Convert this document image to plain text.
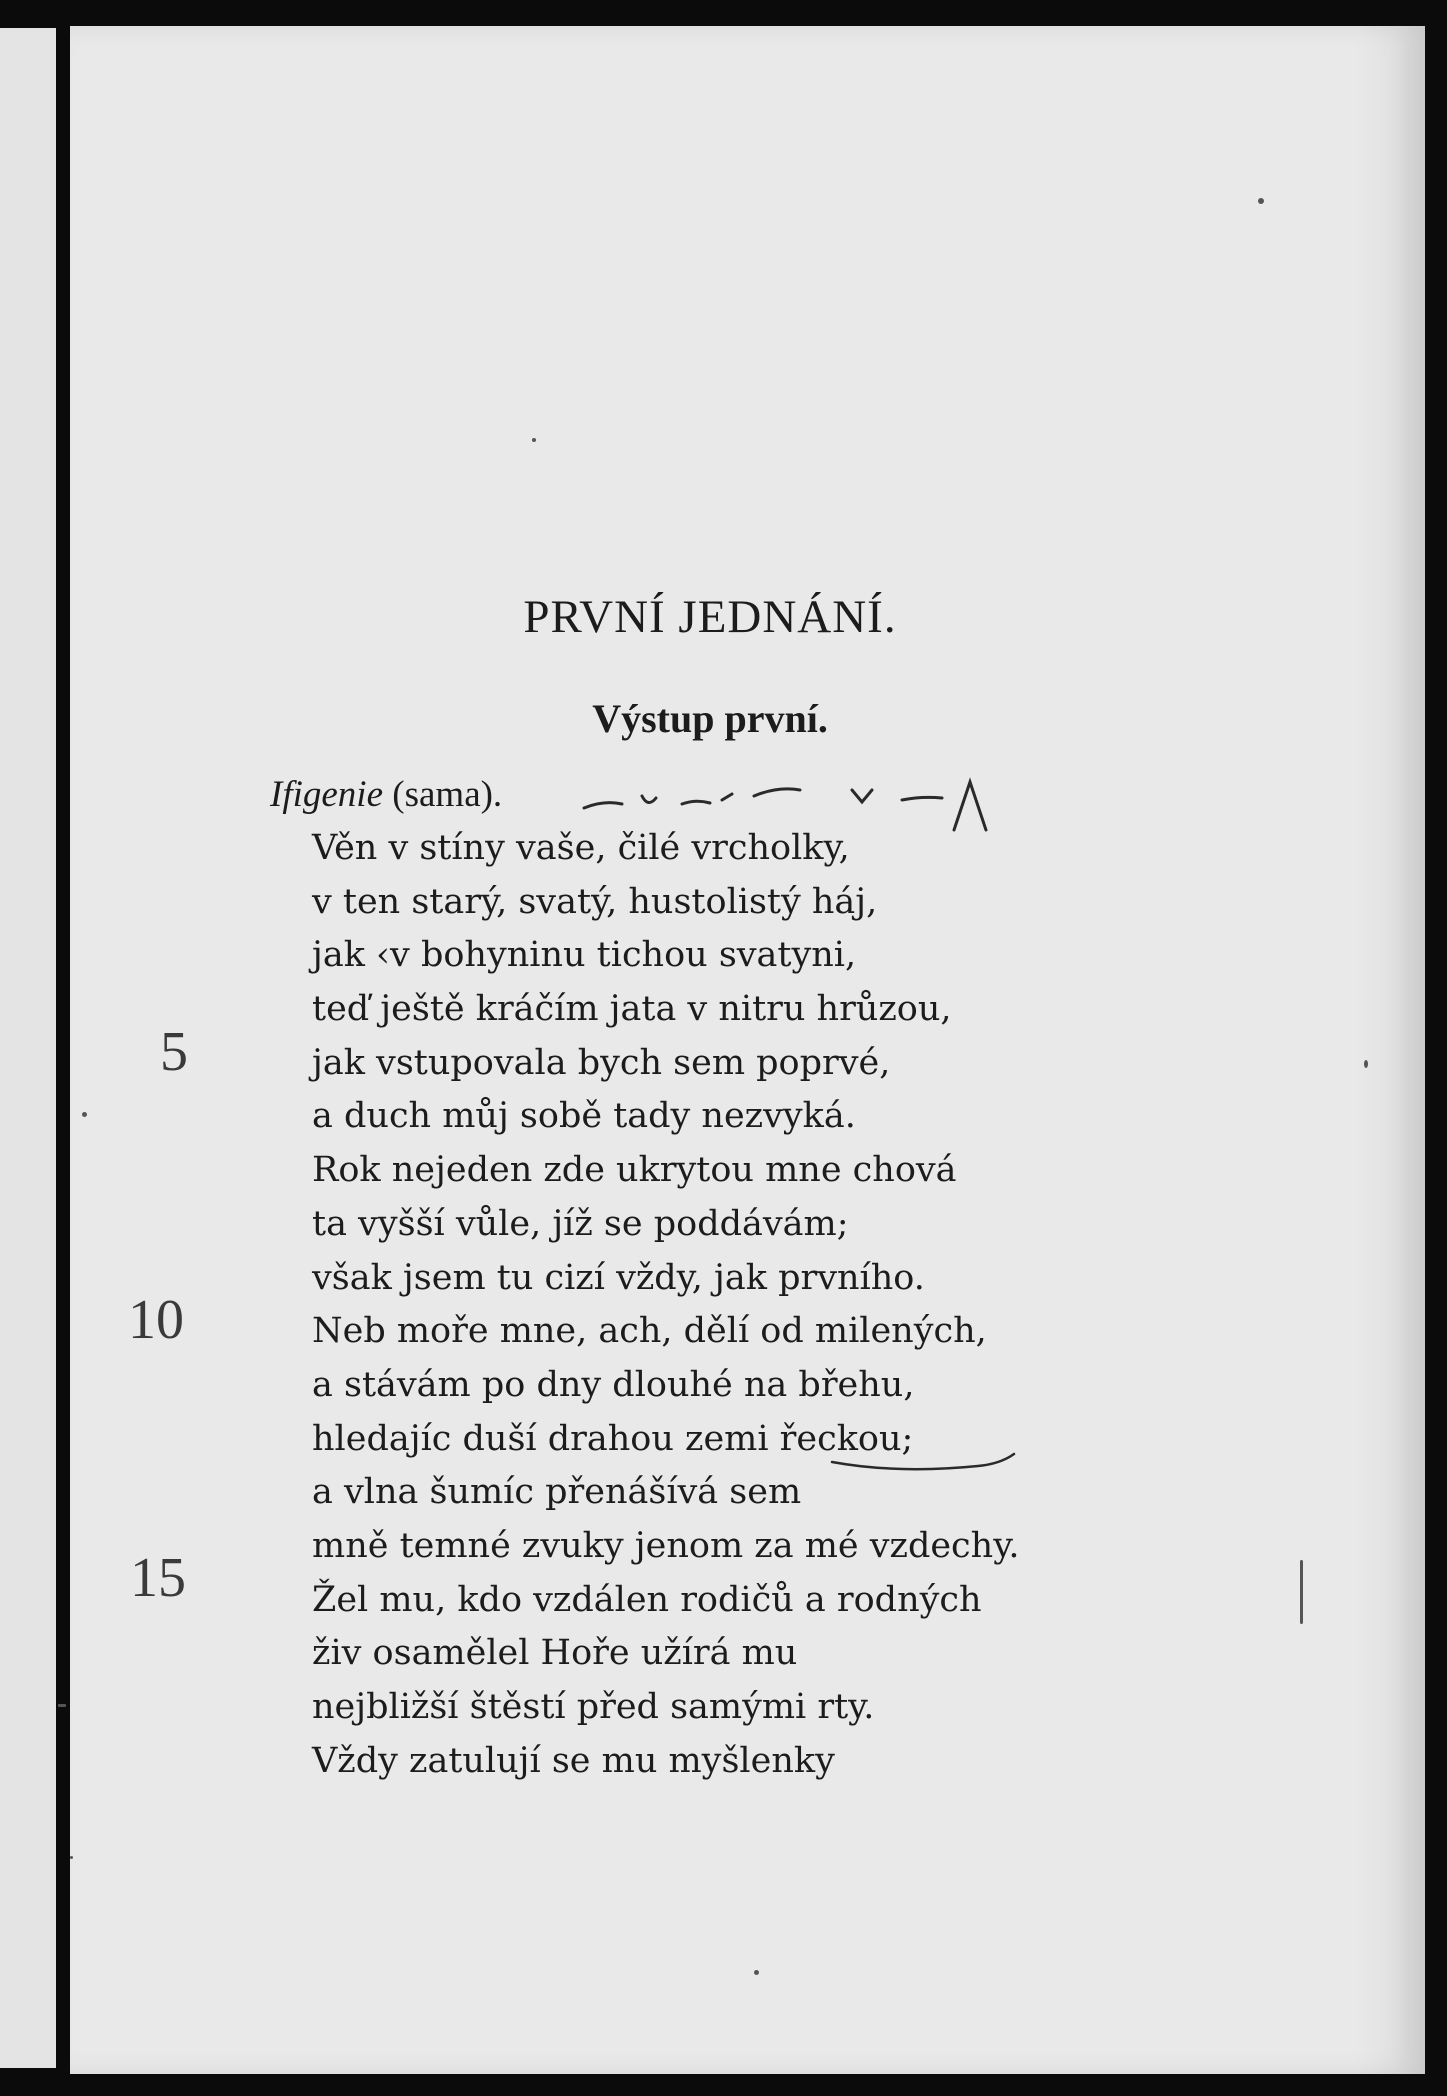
PRVNÍ JEDNÁNÍ.
Výstup první.
Ifigenie (sama).
Věn v stíny vaše, čilé vrcholky,
v ten starý, svatý, hustolistý háj,
jak ‹v bohyninu tichou svatyni,
teď ještě kráčím jata v nitru hrůzou,
jak vstupovala bych sem poprvé,
a duch můj sobě tady nezvyká.
Rok nejeden zde ukrytou mne chová
ta vyšší vůle, jíž se poddávám;
však jsem tu cizí vždy, jak prvního.
Neb moře mne, ach, dělí od milených,
a stávám po dny dlouhé na břehu,
hledajíc duší drahou zemi řeckou;
a vlna šumíc přenášívá sem
mně temné zvuky jenom za mé vzdechy.
Žel mu, kdo vzdálen rodičů a rodných
živ osamělel Hoře užírá mu
nejbližší štěstí před samými rty.
Vždy zatulují se mu myšlenky
5
10
15
